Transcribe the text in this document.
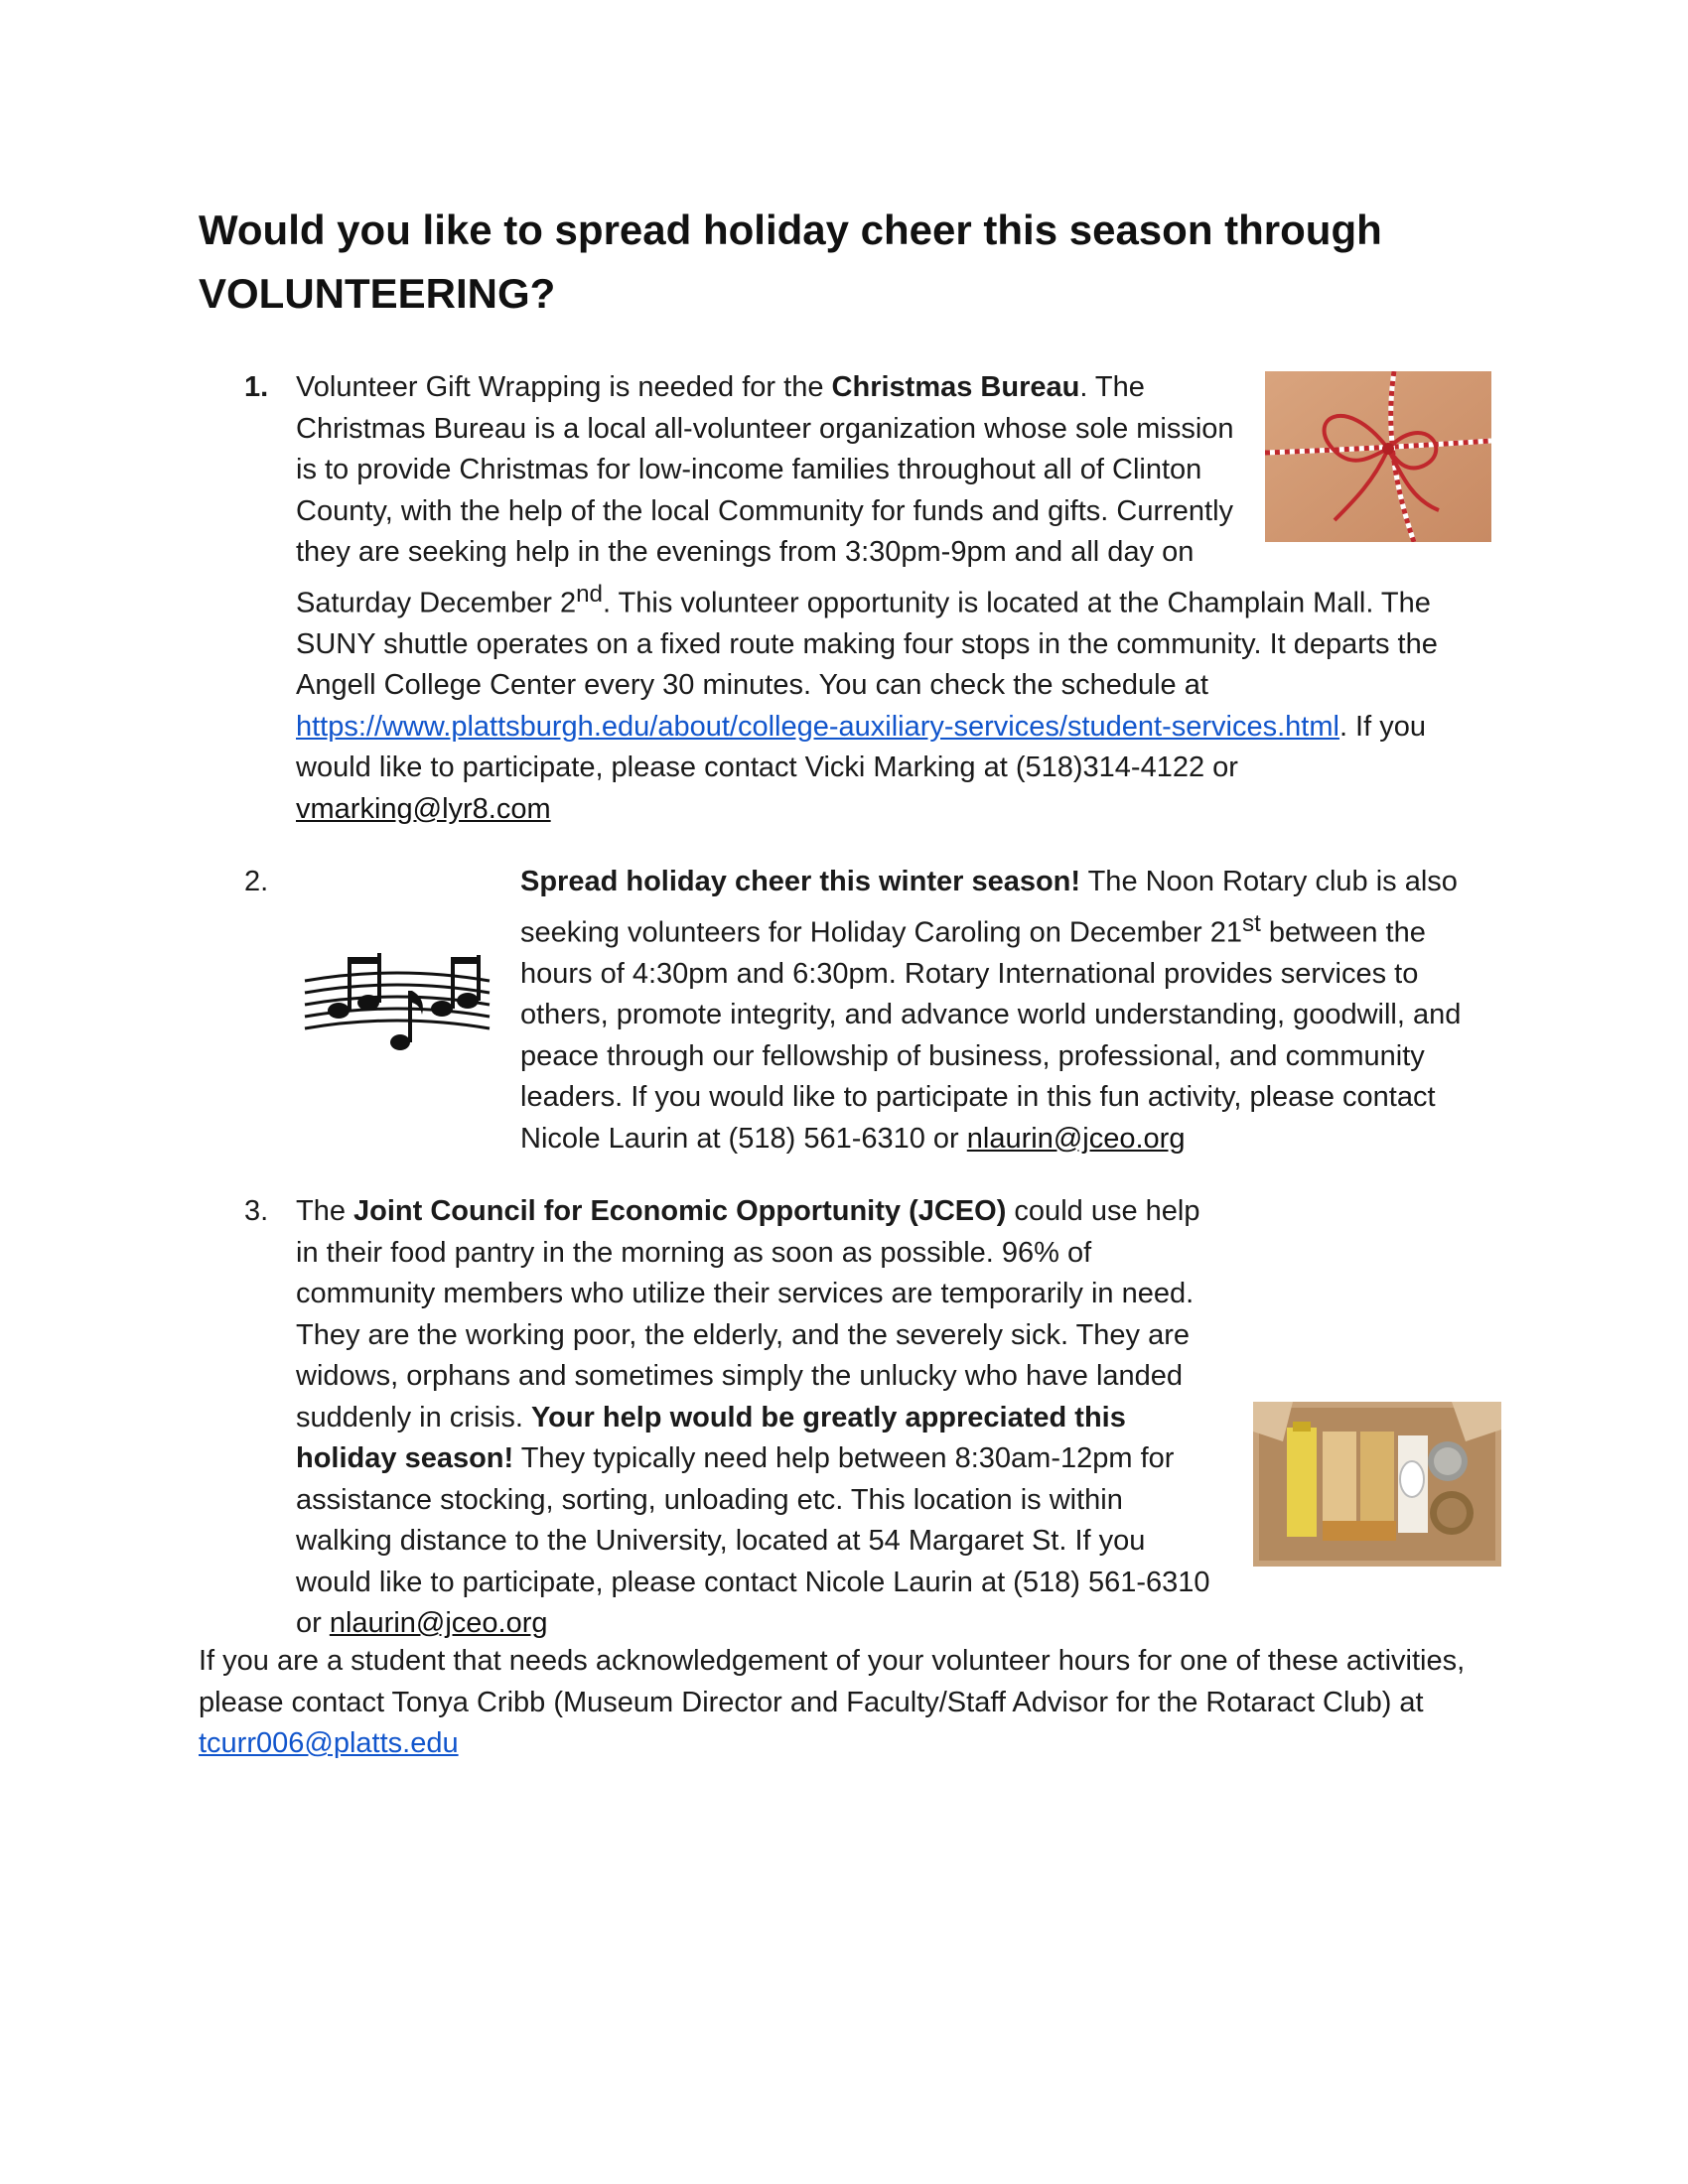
Would you like to spread holiday cheer this season through VOLUNTEERING?
1. Volunteer Gift Wrapping is needed for the Christmas Bureau. The Christmas Bureau is a local all-volunteer organization whose sole mission is to provide Christmas for low-income families throughout all of Clinton County, with the help of the local Community for funds and gifts. Currently they are seeking help in the evenings from 3:30pm-9pm and all day on Saturday December 2nd. This volunteer opportunity is located at the Champlain Mall. The SUNY shuttle operates on a fixed route making four stops in the community. It departs the Angell College Center every 30 minutes. You can check the schedule at https://www.plattsburgh.edu/about/college-auxiliary-services/student-services.html. If you would like to participate, please contact Vicki Marking at (518)314-4122 or vmarking@lyr8.com

2.	Spread holiday cheer this winter season! The Noon Rotary club is also seeking volunteers for Holiday Caroling on December 21st between the hours of 4:30pm and 6:30pm. Rotary International provides services to others, promote integrity, and advance world understanding, goodwill, and peace through our fellowship of business, professional, and community leaders. If you would like to participate in this fun activity, please contact Nicole Laurin at (518) 561-6310 or nlaurin@jceo.org

3. The Joint Council for Economic Opportunity (JCEO) could use help in their food pantry in the morning as soon as possible. 96% of community members who utilize their services are temporarily in need. They are the working poor, the elderly, and the severely sick. They are widows, orphans and sometimes simply the unlucky who have landed suddenly in crisis. Your help would be greatly appreciated this holiday season! They typically need help between 8:30am-12pm for assistance stocking, sorting, unloading etc. This location is within walking distance to the University, located at 54 Margaret St. If you would like to participate, please contact Nicole Laurin at (518) 561-6310 or nlaurin@jceo.org

If you are a student that needs acknowledgement of your volunteer hours for one of these activities, please contact Tonya Cribb (Museum Director and Faculty/Staff Advisor for the Rotaract Club) at tcurr006@platts.edu
